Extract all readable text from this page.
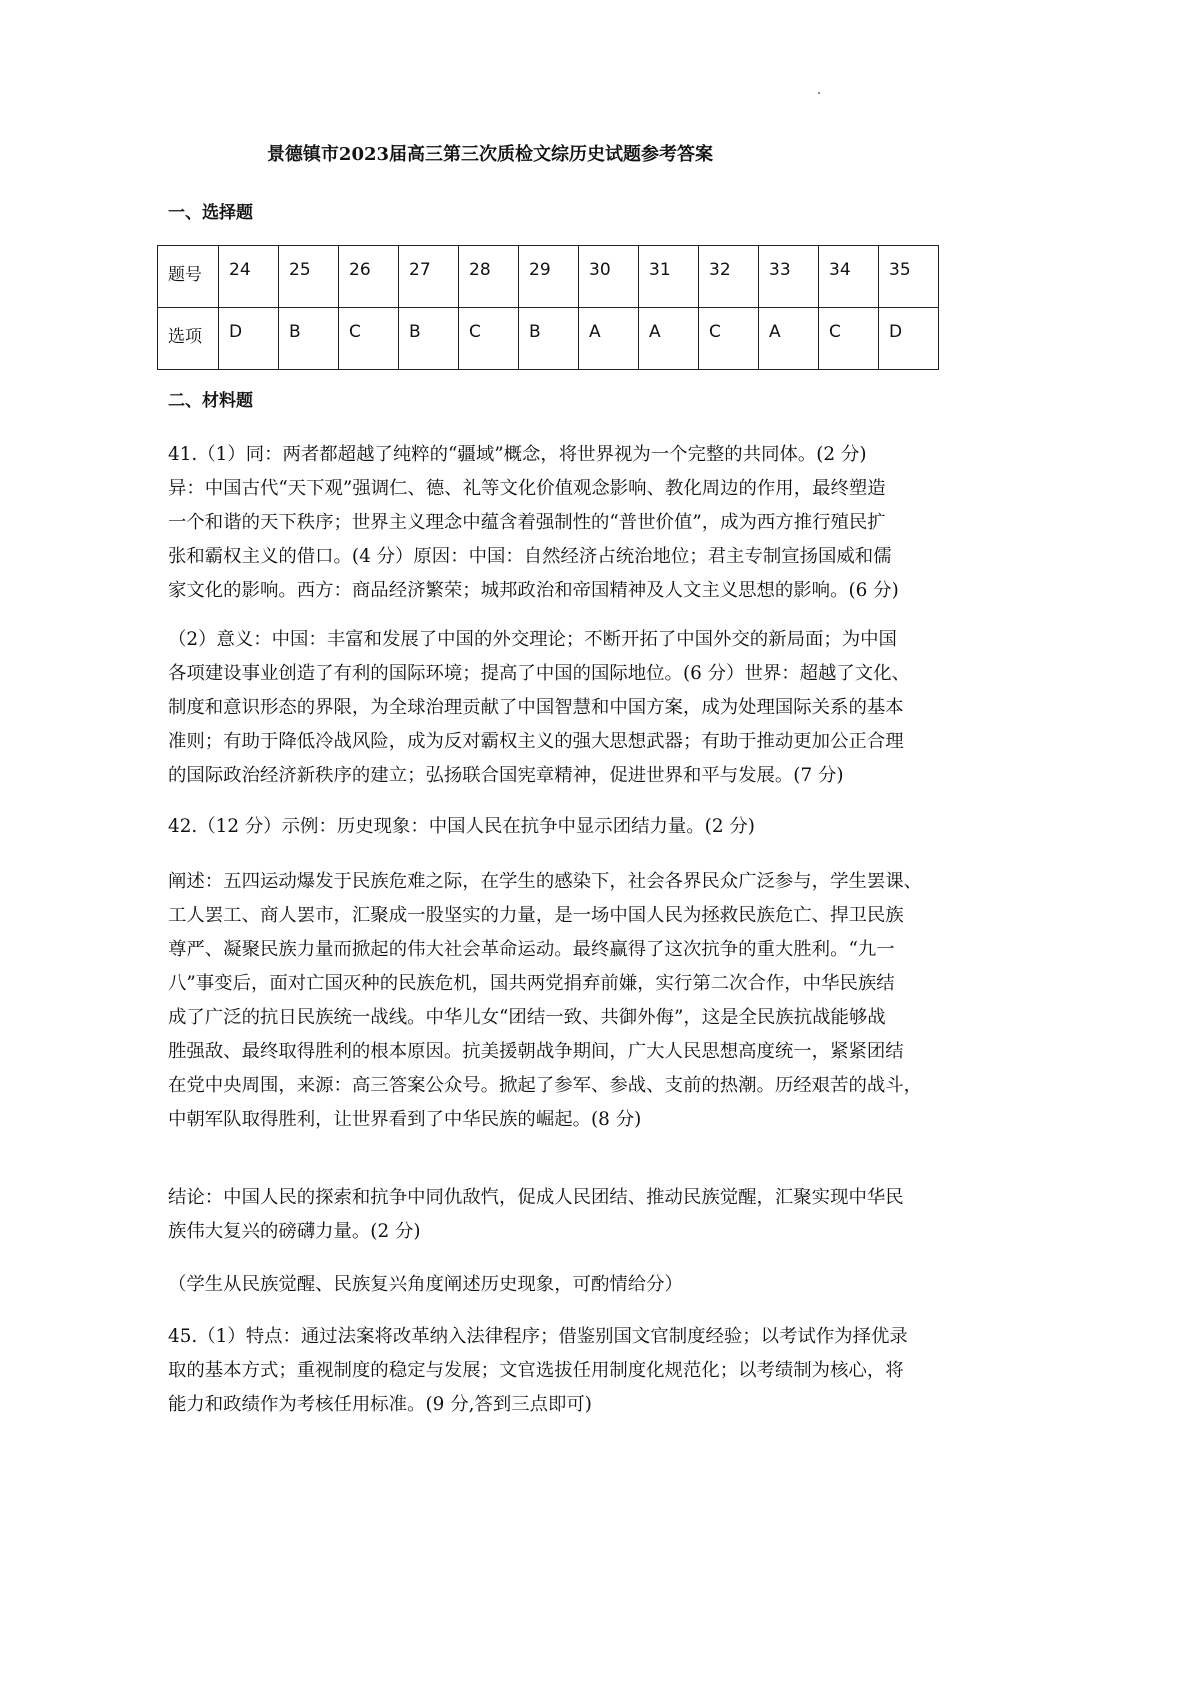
景德镇市2023届高三第三次质检文综历史试题参考答案
一、选择题
题号	24	25	26	27	28	29	30	31	32	33	34	35
选项	D	B	C	B	C	B	A	A	C	A	C	D
二、材料题
41.（1）同：两者都超越了纯粹的“疆域”概念，将世界视为一个完整的共同体。(2 分)
异：中国古代“天下观”强调仁、德、礼等文化价值观念影响、教化周边的作用，最终塑造
一个和谐的天下秩序；世界主义理念中蕴含着强制性的“普世价值”，成为西方推行殖民扩
张和霸权主义的借口。(4 分）原因：中国：自然经济占统治地位；君主专制宣扬国威和儒
家文化的影响。西方：商品经济繁荣；城邦政治和帝国精神及人文主义思想的影响。(6 分)
（2）意义：中国：丰富和发展了中国的外交理论；不断开拓了中国外交的新局面；为中国
各项建设事业创造了有利的国际环境；提高了中国的国际地位。(6 分）世界：超越了文化、
制度和意识形态的界限，为全球治理贡献了中国智慧和中国方案，成为处理国际关系的基本
准则；有助于降低冷战风险，成为反对霸权主义的强大思想武器；有助于推动更加公正合理
的国际政治经济新秩序的建立；弘扬联合国宪章精神，促进世界和平与发展。(7 分)
42.（12 分）示例：历史现象：中国人民在抗争中显示团结力量。(2 分)
阐述：五四运动爆发于民族危难之际，在学生的感染下，社会各界民众广泛参与，学生罢课、
工人罢工、商人罢市，汇聚成一股坚实的力量，是一场中国人民为拯救民族危亡、捍卫民族
尊严、凝聚民族力量而掀起的伟大社会革命运动。最终赢得了这次抗争的重大胜利。“九一
八”事变后，面对亡国灭种的民族危机，国共两党捐弃前嫌，实行第二次合作，中华民族结
成了广泛的抗日民族统一战线。中华儿女“团结一致、共御外侮”，这是全民族抗战能够战
胜强敌、最终取得胜利的根本原因。抗美援朝战争期间，广大人民思想高度统一，紧紧团结
在党中央周围，来源：高三答案公众号。掀起了参军、参战、支前的热潮。历经艰苦的战斗，
中朝军队取得胜利，让世界看到了中华民族的崛起。(8 分)
结论：中国人民的探索和抗争中同仇敌忾，促成人民团结、推动民族觉醒，汇聚实现中华民
族伟大复兴的磅礴力量。(2 分)
（学生从民族觉醒、民族复兴角度阐述历史现象，可酌情给分）
45.（1）特点：通过法案将改革纳入法律程序；借鉴别国文官制度经验；以考试作为择优录
取的基本方式；重视制度的稳定与发展；文官选拔任用制度化规范化；以考绩制为核心，将
能力和政绩作为考核任用标准。(9 分,答到三点即可)
